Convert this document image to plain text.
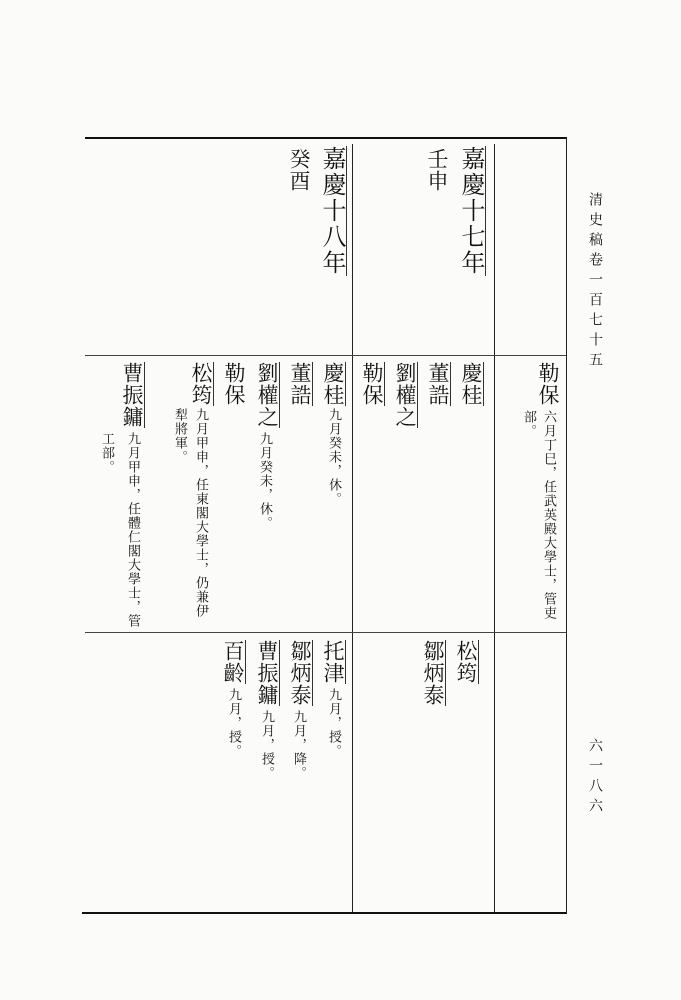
清史稿卷一百七十五
六一八六
勒保
六月丁巳，任武英殿大學士，管吏
部。
嘉慶十七年
壬申
慶桂
董誥
劉權之
勒保
松筠
鄒炳泰
嘉慶十八年
癸酉
慶桂
九月癸未，休。
董誥
劉權之
九月癸未，休。
勒保
松筠
九月甲申，任東閣大學士，仍兼伊
犁將軍。
曹振鏞
九月甲申，任體仁閣大學士，管
工部。
托津
九月，授。
鄒炳泰
九月，降。
曹振鏞
九月，授。
百齡
九月，授。
